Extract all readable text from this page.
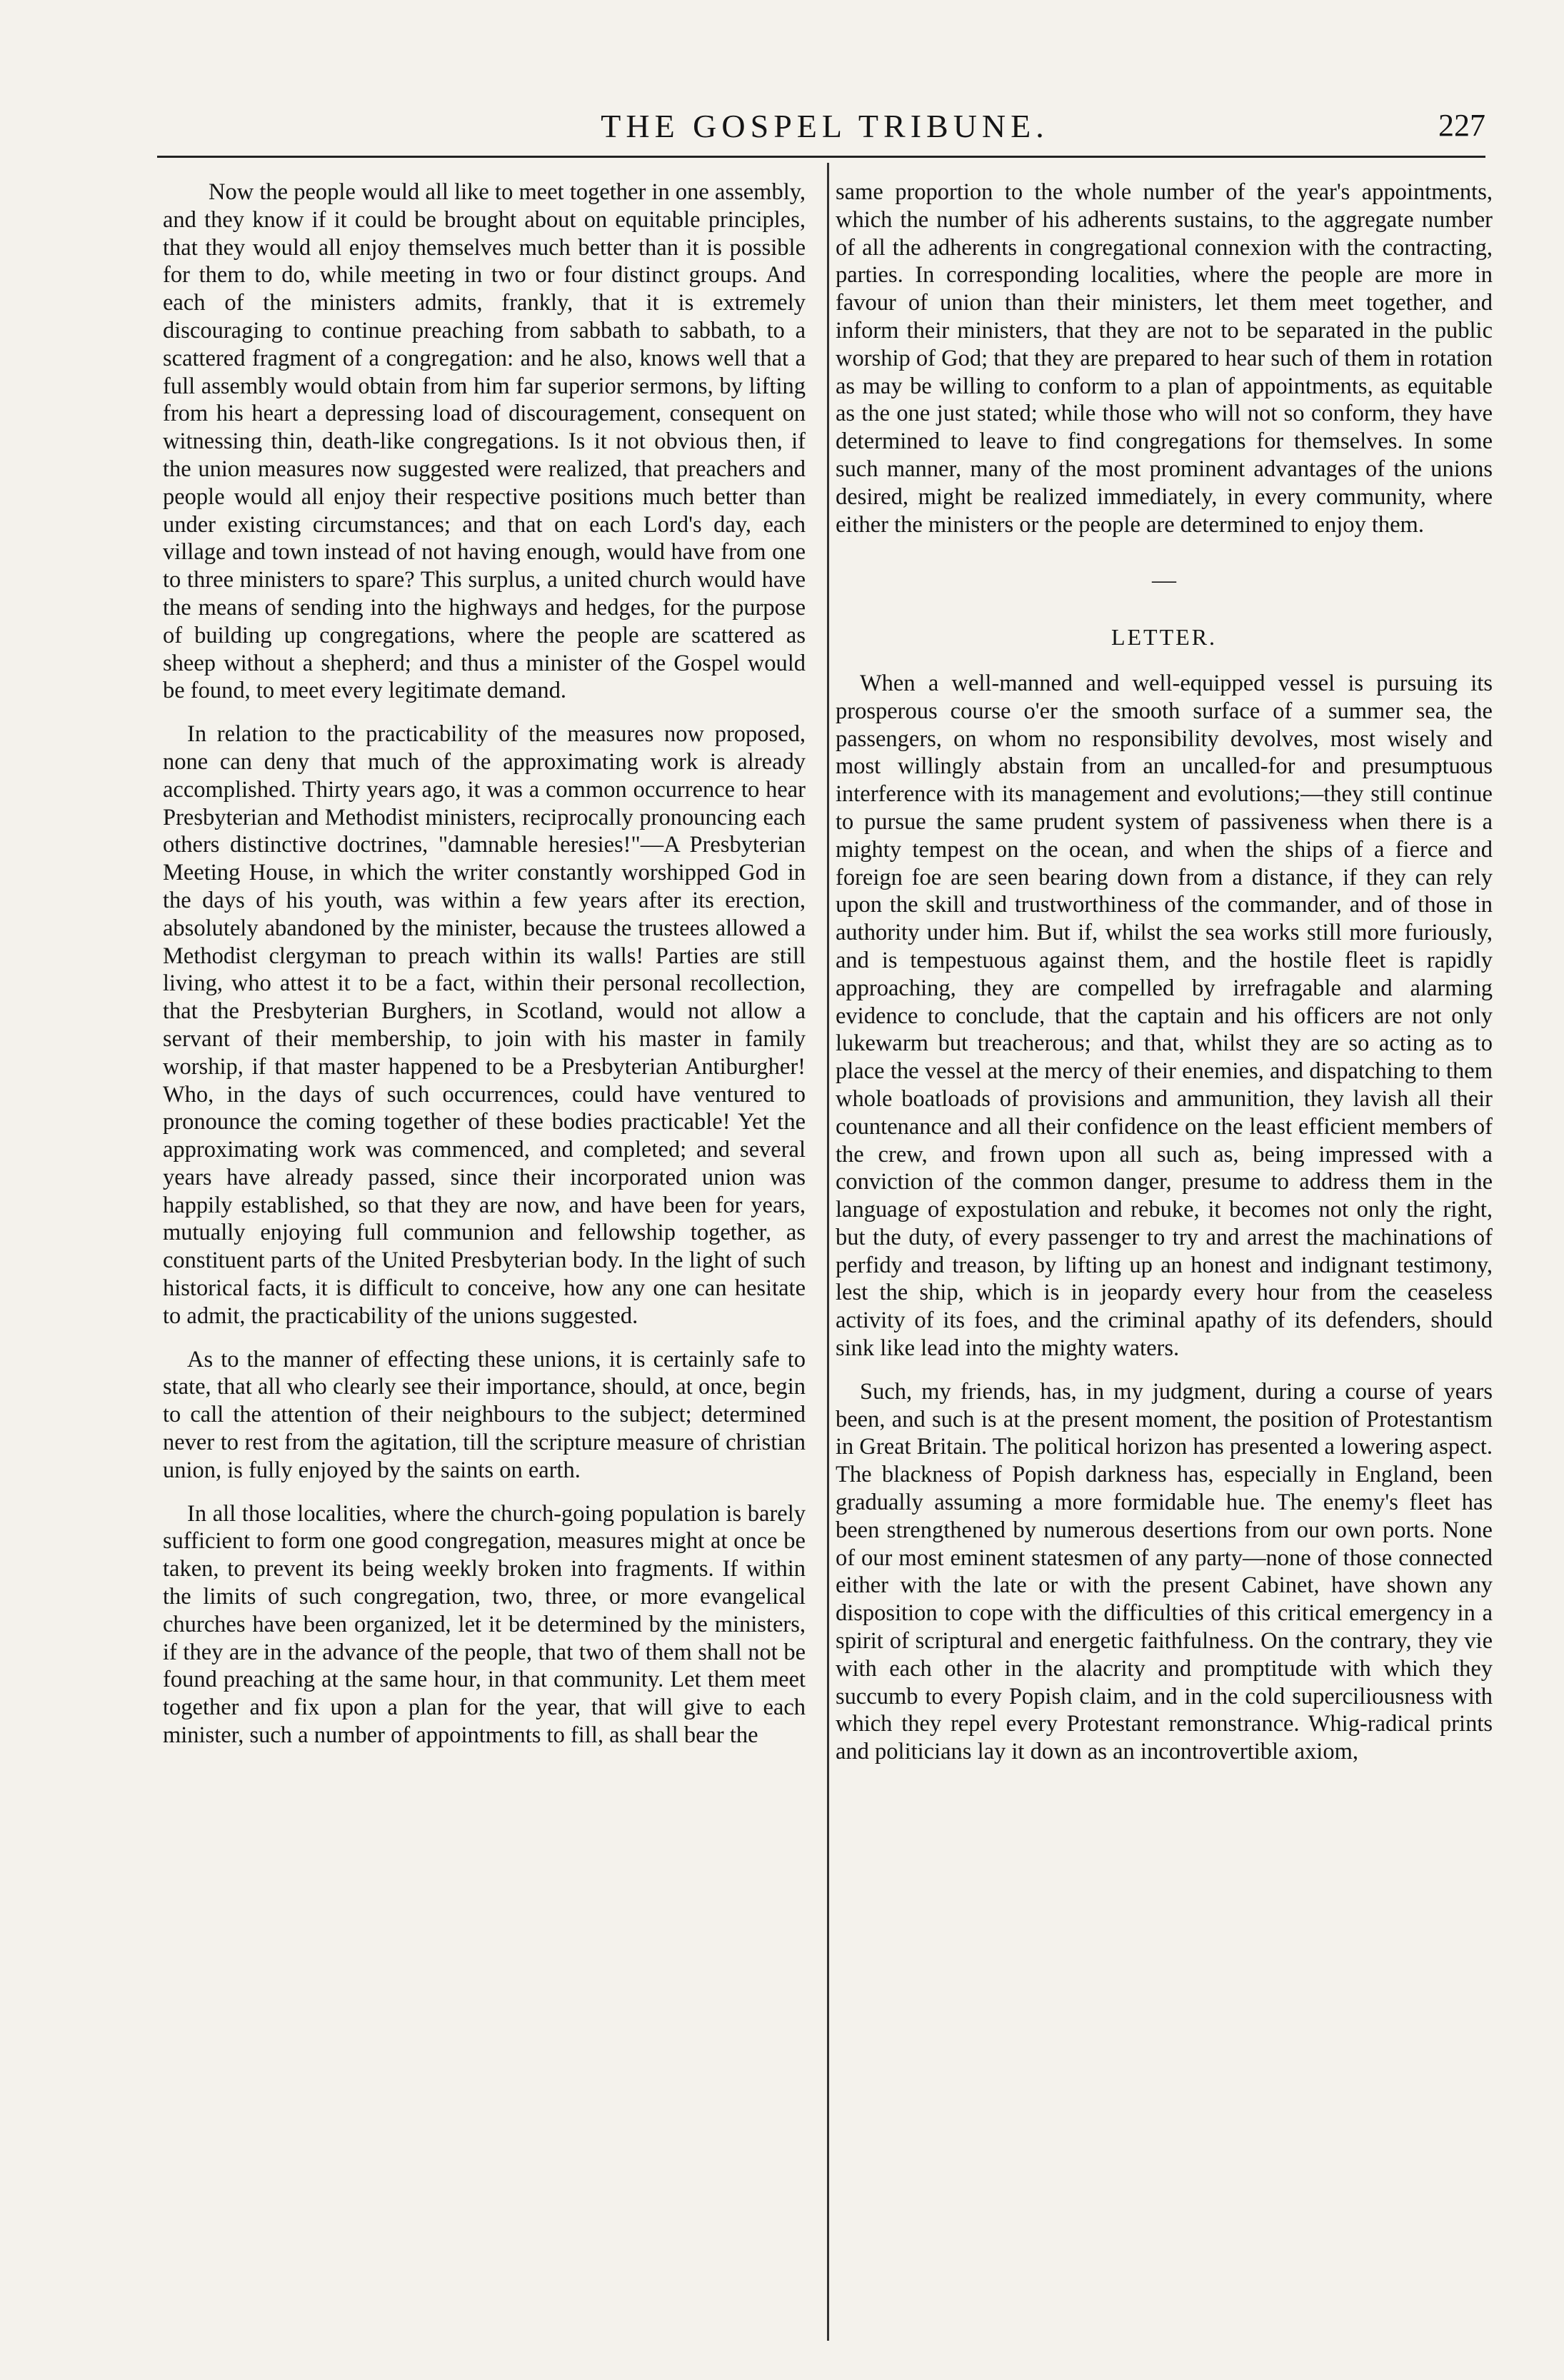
THE GOSPEL TRIBUNE.	227

Now the people would all like to meet together in one assembly, and they know if it could be brought about on equitable principles, that they would all enjoy themselves much better than it is possible for them to do, while meeting in two or four distinct groups. And each of the ministers admits, frankly, that it is extremely discouraging to continue preaching from sabbath to sabbath, to a scattered fragment of a congregation: and he also, knows well that a full assembly would obtain from him far superior sermons, by lifting from his heart a depressing load of discouragement, consequent on witnessing thin, death-like congregations. Is it not obvious then, if the union measures now suggested were realized, that preachers and people would all enjoy their respective positions much better than under existing circumstances; and that on each Lord's day, each village and town instead of not having enough, would have from one to three ministers to spare? This surplus, a united church would have the means of sending into the highways and hedges, for the purpose of building up congregations, where the people are scattered as sheep without a shepherd; and thus a minister of the Gospel would be found, to meet every legitimate demand.

In relation to the practicability of the measures now proposed, none can deny that much of the approximating work is already accomplished. Thirty years ago, it was a common occurrence to hear Presbyterian and Methodist ministers, reciprocally pronouncing each others distinctive doctrines, "damnable heresies!"—A Presbyterian Meeting House, in which the writer constantly worshipped God in the days of his youth, was within a few years after its erection, absolutely abandoned by the minister, because the trustees allowed a Methodist clergyman to preach within its walls! Parties are still living, who attest it to be a fact, within their personal recollection, that the Presbyterian Burghers, in Scotland, would not allow a servant of their membership, to join with his master in family worship, if that master happened to be a Presbyterian Antiburgher! Who, in the days of such occurrences, could have ventured to pronounce the coming together of these bodies practicable! Yet the approximating work was commenced, and completed; and several years have already passed, since their incorporated union was happily established, so that they are now, and have been for years, mutually enjoying full communion and fellowship together, as constituent parts of the United Presbyterian body. In the light of such historical facts, it is difficult to conceive, how any one can hesitate to admit, the practicability of the unions suggested.

As to the manner of effecting these unions, it is certainly safe to state, that all who clearly see their importance, should, at once, begin to call the attention of their neighbours to the subject; determined never to rest from the agitation, till the scripture measure of christian union, is fully enjoyed by the saints on earth.

In all those localities, where the church-going population is barely sufficient to form one good congregation, measures might at once be taken, to prevent its being weekly broken into fragments. If within the limits of such congregation, two, three, or more evangelical churches have been organized, let it be determined by the ministers, if they are in the advance of the people, that two of them shall not be found preaching at the same hour, in that community. Let them meet together and fix upon a plan for the year, that will give to each minister, such a number of appointments to fill, as shall bear the

same proportion to the whole number of the year's appointments, which the number of his adherents sustains, to the aggregate number of all the adherents in congregational connexion with the contracting, parties. In corresponding localities, where the people are more in favour of union than their ministers, let them meet together, and inform their ministers, that they are not to be separated in the public worship of God; that they are prepared to hear such of them in rotation as may be willing to conform to a plan of appointments, as equitable as the one just stated; while those who will not so conform, they have determined to leave to find congregations for themselves. In some such manner, many of the most prominent advantages of the unions desired, might be realized immediately, in every community, where either the ministers or the people are determined to enjoy them.

—
LETTER.

When a well-manned and well-equipped vessel is pursuing its prosperous course o'er the smooth surface of a summer sea, the passengers, on whom no responsibility devolves, most wisely and most willingly abstain from an uncalled-for and presumptuous interference with its management and evolutions;—they still continue to pursue the same prudent system of passiveness when there is a mighty tempest on the ocean, and when the ships of a fierce and foreign foe are seen bearing down from a distance, if they can rely upon the skill and trustworthiness of the commander, and of those in authority under him. But if, whilst the sea works still more furiously, and is tempestuous against them, and the hostile fleet is rapidly approaching, they are compelled by irrefragable and alarming evidence to conclude, that the captain and his officers are not only lukewarm but treacherous; and that, whilst they are so acting as to place the vessel at the mercy of their enemies, and dispatching to them whole boatloads of provisions and ammunition, they lavish all their countenance and all their confidence on the least efficient members of the crew, and frown upon all such as, being impressed with a conviction of the common danger, presume to address them in the language of expostulation and rebuke, it becomes not only the right, but the duty, of every passenger to try and arrest the machinations of perfidy and treason, by lifting up an honest and indignant testimony, lest the ship, which is in jeopardy every hour from the ceaseless activity of its foes, and the criminal apathy of its defenders, should sink like lead into the mighty waters.

Such, my friends, has, in my judgment, during a course of years been, and such is at the present moment, the position of Protestantism in Great Britain. The political horizon has presented a lowering aspect. The blackness of Popish darkness has, especially in England, been gradually assuming a more formidable hue. The enemy's fleet has been strengthened by numerous desertions from our own ports. None of our most eminent statesmen of any party—none of those connected either with the late or with the present Cabinet, have shown any disposition to cope with the difficulties of this critical emergency in a spirit of scriptural and energetic faithfulness. On the contrary, they vie with each other in the alacrity and promptitude with which they succumb to every Popish claim, and in the cold superciliousness with which they repel every Protestant remonstrance. Whig-radical prints and politicians lay it down as an incontrovertible axiom,
